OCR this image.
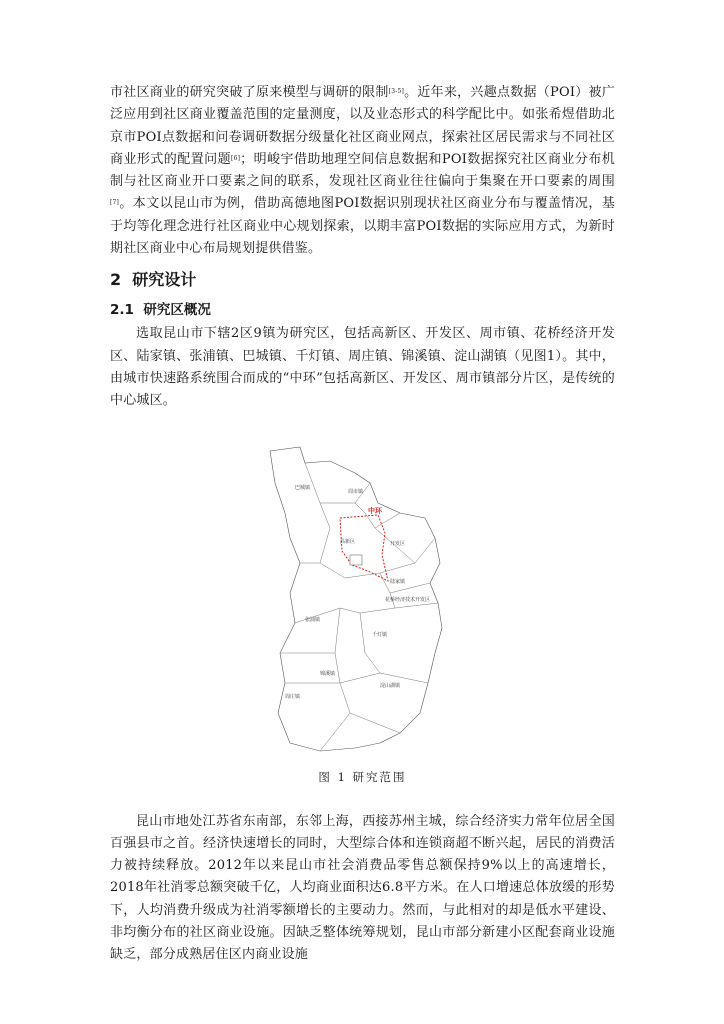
市社区商业的研究突破了原来模型与调研的限制[3-5]。近年来，兴趣点数据（POI）被广泛应用到社区商业覆盖范围的定量测度，以及业态形式的科学配比中。如张希煜借助北京市POI点数据和问卷调研数据分级量化社区商业网点，探索社区居民需求与不同社区商业形式的配置问题[6]；明峻宇借助地理空间信息数据和POI数据探究社区商业分布机制与社区商业开口要素之间的联系，发现社区商业往往偏向于集聚在开口要素的周围[7]。本文以昆山市为例，借助高德地图POI数据识别现状社区商业分布与覆盖情况，基于均等化理念进行社区商业中心规划探索，以期丰富POI数据的实际应用方式，为新时期社区商业中心布局规划提供借鉴。

2 研究设计
2.1 研究区概况

选取昆山市下辖2区9镇为研究区，包括高新区、开发区、周市镇、花桥经济开发区、陆家镇、张浦镇、巴城镇、千灯镇、周庄镇、锦溪镇、淀山湖镇（见图1）。其中，由城市快速路系统围合而成的“中环”包括高新区、开发区、周市镇部分片区，是传统的中心城区。

巴城镇
周市镇
中环
高新区	开发区
陆家镇
花桥经济技术开发区
张浦镇
千灯镇
锦溪镇
淀山湖镇
周庄镇

图 1 研究范围

昆山市地处江苏省东南部，东邻上海，西接苏州主城，综合经济实力常年位居全国百强县市之首。经济快速增长的同时，大型综合体和连锁商超不断兴起，居民的消费活力被持续释放。2012年以来昆山市社会消费品零售总额保持9%以上的高速增长，2018年社消零总额突破千亿，人均商业面积达6.8平方米。在人口增速总体放缓的形势下，人均消费升级成为社消零额增长的主要动力。然而，与此相对的却是低水平建设、非均衡分布的社区商业设施。因缺乏整体统筹规划，昆山市部分新建小区配套商业设施缺乏，部分成熟居住区内商业设施
